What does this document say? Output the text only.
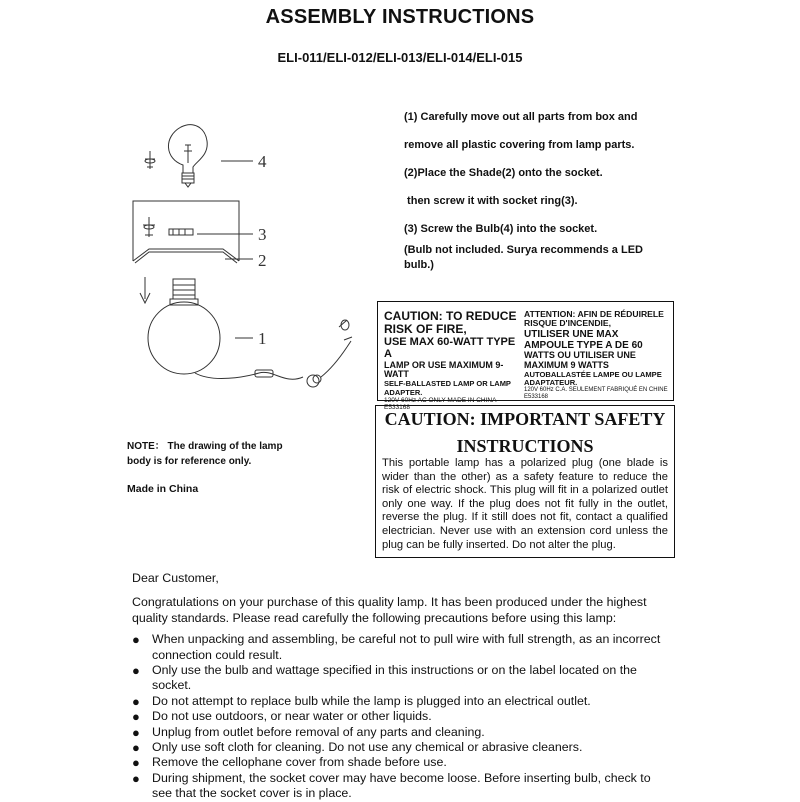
ASSEMBLY INSTRUCTIONS
ELI-011/ELI-012/ELI-013/ELI-014/ELI-015
(1) Carefully move out all parts from box and
remove all plastic covering from lamp parts.
(2)Place the Shade(2) onto the socket.
then screw it with socket ring(3).
(3) Screw the Bulb(4) into the socket.
(Bulb not included. Surya recommends a LED
bulb.)
4
3
2
1
NOTE： The drawing of the lamp
body is for reference only.
Made in China
CAUTION: TO REDUCE RISK OF FIRE,
USE MAX 60-WATT TYPE A
LAMP OR USE MAXIMUM 9-WATT
SELF-BALLASTED LAMP OR LAMP ADAPTER.
120V 60Hz AC ONLY MADE IN CHINA E533168
ATTENTION: AFIN DE RÉDUIRELE RISQUE D'INCENDIE,
UTILISER UNE MAX AMPOULE TYPE A DE 60
WATTS OU UTILISER UNE MAXIMUM 9 WATTS
AUTOBALLASTÉE LAMPE OU LAMPE ADAPTATEUR.
120V 60Hz C.A. SEULEMENT FABRIQUÉ EN CHINE E533168
CAUTION: IMPORTANT SAFETY
INSTRUCTIONS
This portable lamp has a polarized plug (one blade is wider than the other) as a safety feature to reduce the risk of electric shock. This plug will fit in a polarized outlet only one way. If the plug does not fit fully in the outlet, reverse the plug. If it still does not fit, contact a qualified electrician. Never use with an extension cord unless the plug can be fully inserted. Do not alter the plug.
Dear Customer,
Congratulations on your purchase of this quality lamp. It has been produced under the highest quality standards. Please read carefully the following precautions before using this lamp:
● When unpacking and assembling, be careful not to pull wire with full strength, as an incorrect connection could result.
● Only use the bulb and wattage specified in this instructions or on the label located on the socket.
● Do not attempt to replace bulb while the lamp is plugged into an electrical outlet.
● Do not use outdoors, or near water or other liquids.
● Unplug from outlet before removal of any parts and cleaning.
● Only use soft cloth for cleaning. Do not use any chemical or abrasive cleaners.
● Remove the cellophane cover from shade before use.
● During shipment, the socket cover may have become loose. Before inserting bulb, check to see that the socket cover is in place.
